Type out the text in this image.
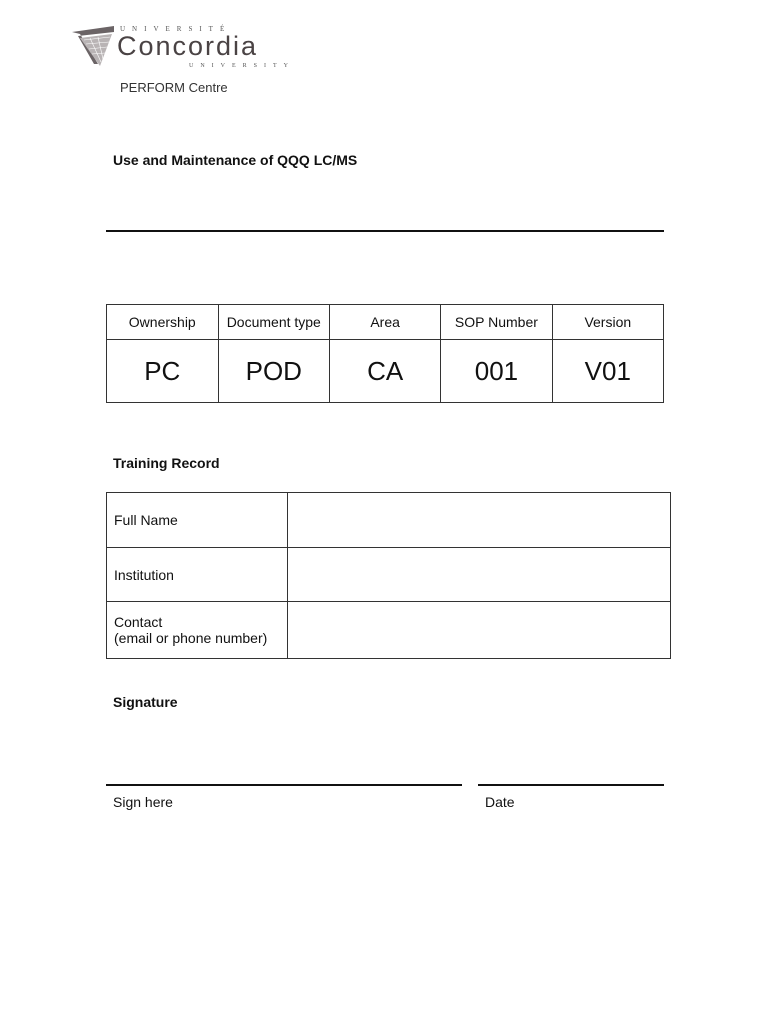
UNIVERSITÉ
Concordia
UNIVERSITY
PERFORM Centre
Use and Maintenance of QQQ LC/MS
Ownership	Document type	Area	SOP Number	Version
PC	POD	CA	001	V01
Training Record
Full Name	
Institution	

Contact
(email or phone number)	

Signature
Sign here	Date
